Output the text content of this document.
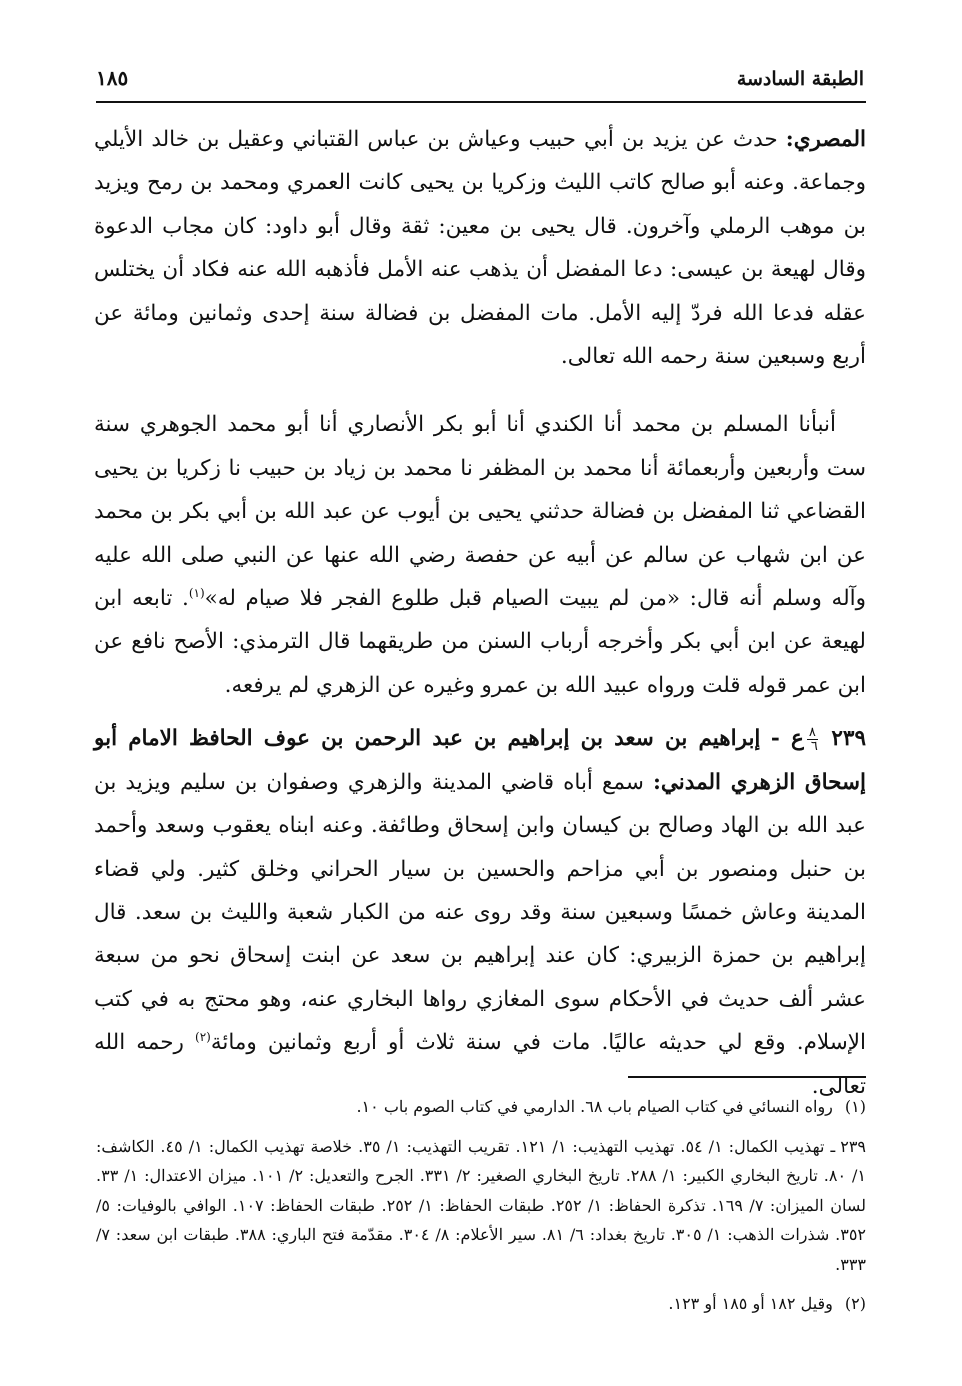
الطبقة السادسة
١٨٥

المصري: حدث عن يزيد بن أبي حبيب وعياش بن عباس القتباني وعقيل بن خالد الأيلي وجماعة. وعنه أبو صالح كاتب الليث وزكريا بن يحيى كانت العمري ومحمد بن رمح ويزيد بن موهب الرملي وآخرون. قال يحيى بن معين: ثقة وقال أبو داود: كان مجاب الدعوة وقال لهيعة بن عيسى: دعا المفضل أن يذهب عنه الأمل فأذهبه الله عنه فكاد أن يختلس عقله فدعا الله فردّ إليه الأمل. مات المفضل بن فضالة سنة إحدى وثمانين ومائة عن أربع وسبعين سنة رحمه الله تعالى.

أنبأنا المسلم بن محمد أنا الكندي أنا أبو بكر الأنصاري أنا أبو محمد الجوهري سنة ست وأربعين وأربعمائة أنا محمد بن المظفر نا محمد بن زياد بن حبيب نا زكريا بن يحيى القضاعي ثنا المفضل بن فضالة حدثني يحيى بن أيوب عن عبد الله بن أبي بكر بن محمد عن ابن شهاب عن سالم عن أبيه عن حفصة رضي الله عنها عن النبي صلى الله عليه وآله وسلم أنه قال: «من لم يبيت الصيام قبل طلوع الفجر فلا صيام له»$^{(١)}$. تابعه ابن لهيعة عن ابن أبي بكر وأخرجه أرباب السنن من طريقهما قال الترمذي: الأصح نافع عن ابن عمر قوله قلت ورواه عبيد الله بن عمرو وغيره عن الزهري لم يرفعه.

٢٣٩
$\frac{٨}{٦}$
ع - إبراهيم بن سعد بن إبراهيم بن عبد الرحمن بن عوف الحافظ الامام أبو إسحاق الزهري المدني: سمع أباه قاضي المدينة والزهري وصفوان بن سليم ويزيد بن عبد الله بن الهاد وصالح بن كيسان وابن إسحاق وطائفة. وعنه ابناه يعقوب وسعد وأحمد بن حنبل ومنصور بن أبي مزاحم والحسين بن سيار الحراني وخلق كثير. ولي قضاء المدينة وعاش خمسًا وسبعين سنة وقد روى عنه من الكبار شعبة والليث بن سعد. قال إبراهيم بن حمزة الزبيري: كان عند إبراهيم بن سعد عن ابنت إسحاق نحو من سبعة عشر ألف حديث في الأحكام سوى المغازي رواها البخاري عنه، وهو محتج به في كتب الإسلام. وقع لي حديثه عاليًا. مات في سنة ثلاث أو أربع وثمانين ومائة$^{(٢)}$ رحمه الله تعالى.

(١) رواه النسائي في كتاب الصيام باب ٦٨. الدارمي في كتاب الصوم باب ١٠.

٢٣٩ ـ تهذيب الكمال: ١/ ٥٤. تهذيب التهذيب: ١/ ١٢١. تقريب التهذيب: ١/ ٣٥. خلاصة تهذيب الكمال: ١/ ٤٥. الكاشف: ١/ ٨٠. تاريخ البخاري الكبير: ١/ ٢٨٨. تاريخ البخاري الصغير: ٢/ ٣٣١. الجرح والتعديل: ٢/ ١٠١. ميزان الاعتدال: ١/ ٣٣. لسان الميزان: ٧/ ١٦٩. تذكرة الحفاظ: ١/ ٢٥٢. طبقات الحفاظ: ١/ ٢٥٢. طبقات الحفاظ: ١٠٧. الوافي بالوفيات: ٥/ ٣٥٢. شذرات الذهب: ١/ ٣٠٥. تاريخ بغداد: ٦/ ٨١. سير الأعلام: ٨/ ٣٠٤. مقدّمة فتح الباري: ٣٨٨. طبقات ابن سعد: ٧/ ٣٣٣.

(٢) وقيل ١٨٢ أو ١٨٥ أو ١٢٣.
